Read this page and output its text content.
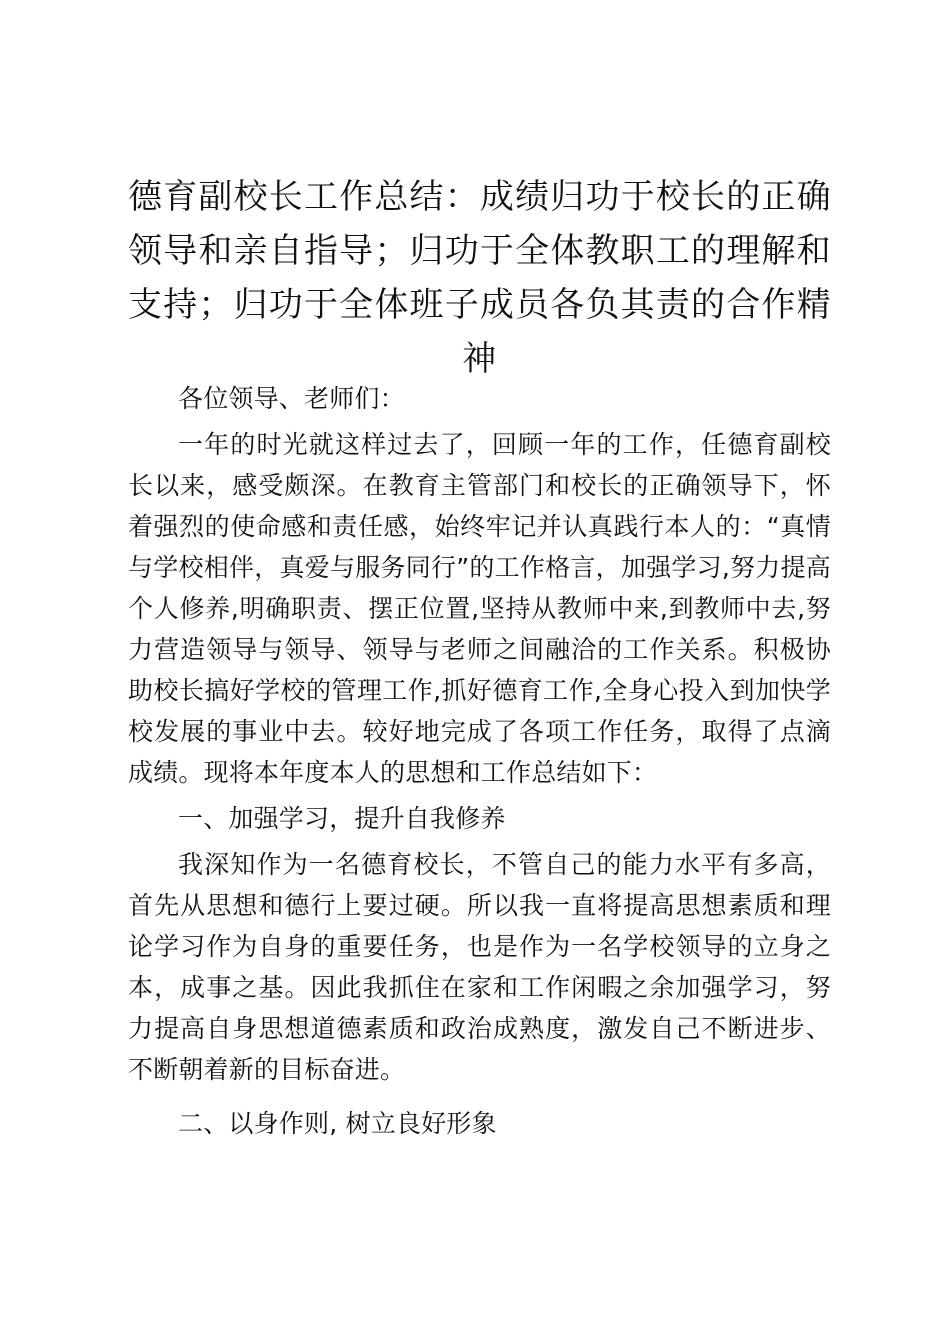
德育副校长工作总结：成绩归功于校长的正确领导和亲自指导；归功于全体教职工的理解和支持；归功于全体班子成员各负其责的合作精神

各位领导、老师们：

一年的时光就这样过去了，回顾一年的工作，任德育副校长以来，感受颇深。在教育主管部门和校长的正确领导下，怀着强烈的使命感和责任感，始终牢记并认真践行本人的：“真情与学校相伴，真爱与服务同行”的工作格言，加强学习,努力提高个人修养,明确职责、摆正位置,坚持从教师中来,到教师中去,努力营造领导与领导、领导与老师之间融洽的工作关系。积极协助校长搞好学校的管理工作,抓好德育工作,全身心投入到加快学校发展的事业中去。较好地完成了各项工作任务，取得了点滴成绩。现将本年度本人的思想和工作总结如下：

一、加强学习，提升自我修养

我深知作为一名德育校长，不管自己的能力水平有多高，首先从思想和德行上要过硬。所以我一直将提高思想素质和理论学习作为自身的重要任务，也是作为一名学校领导的立身之本，成事之基。因此我抓住在家和工作闲暇之余加强学习，努力提高自身思想道德素质和政治成熟度，激发自己不断进步、不断朝着新的目标奋进。

二、以身作则, 树立良好形象
